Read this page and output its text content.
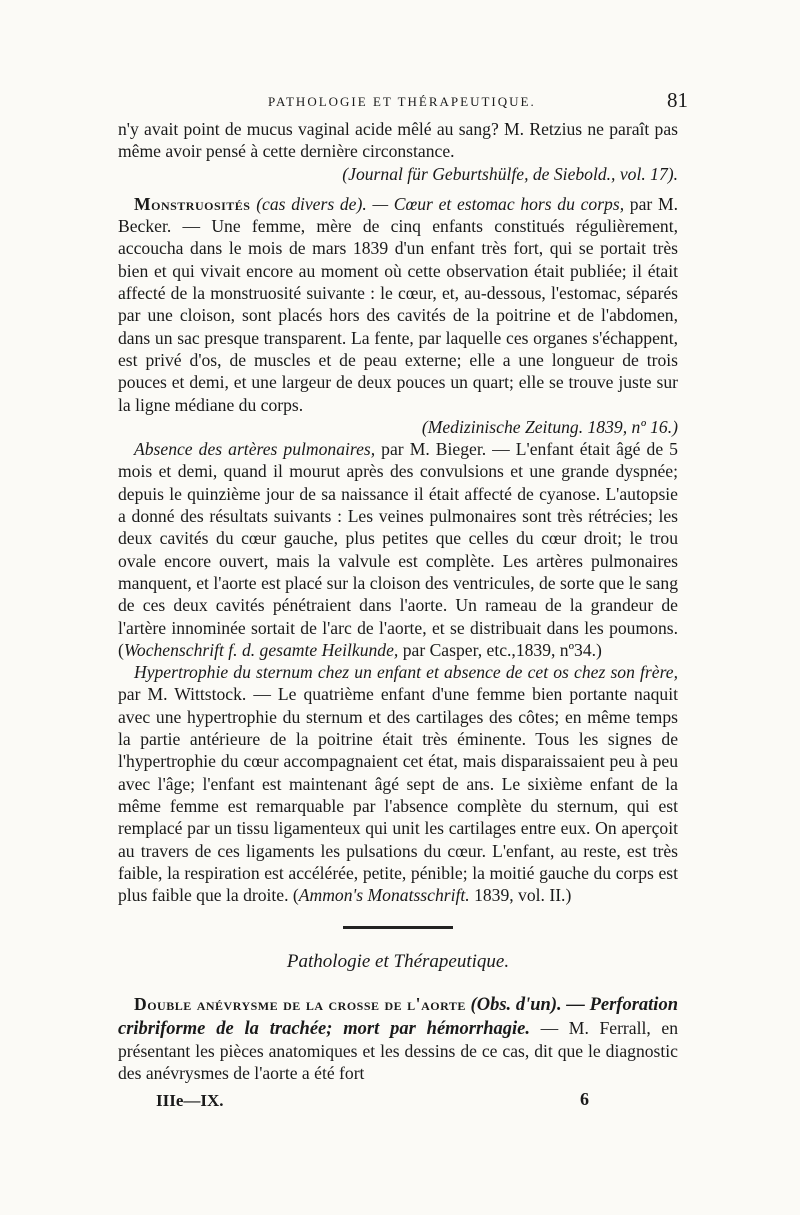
PATHOLOGIE ET THÉRAPEUTIQUE.	81

n'y avait point de mucus vaginal acide mêlé au sang? M. Retzius ne paraît pas même avoir pensé à cette dernière circonstance.

(Journal für Geburtshülfe, de Siebold., vol. 17).

Monstruosités (cas divers de). — Cœur et estomac hors du corps, par M. Becker. — Une femme, mère de cinq enfants constitués régulièrement, accoucha dans le mois de mars 1839 d'un enfant très fort, qui se portait très bien et qui vivait encore au moment où cette observation était publiée; il était affecté de la monstruosité suivante : le cœur, et, au-dessous, l'estomac, séparés par une cloison, sont placés hors des cavités de la poitrine et de l'abdomen, dans un sac presque transparent. La fente, par laquelle ces organes s'échappent, est privé d'os, de muscles et de peau externe; elle a une longueur de trois pouces et demi, et une largeur de deux pouces un quart; elle se trouve juste sur la ligne médiane du corps.

(Medizinische Zeitung. 1839, nº 16.)

Absence des artères pulmonaires, par M. Bieger. — L'enfant était âgé de 5 mois et demi, quand il mourut après des convulsions et une grande dyspnée; depuis le quinzième jour de sa naissance il était affecté de cyanose. L'autopsie a donné des résultats suivants : Les veines pulmonaires sont très rétrécies; les deux cavités du cœur gauche, plus petites que celles du cœur droit; le trou ovale encore ouvert, mais la valvule est complète. Les artères pulmonaires manquent, et l'aorte est placé sur la cloison des ventricules, de sorte que le sang de ces deux cavités pénétraient dans l'aorte. Un rameau de la grandeur de l'artère innominée sortait de l'arc de l'aorte, et se distribuait dans les poumons. (Wochenschrift f. d. gesamte Heilkunde, par Casper, etc.,1839, nº34.)

Hypertrophie du sternum chez un enfant et absence de cet os chez son frère, par M. Wittstock. — Le quatrième enfant d'une femme bien portante naquit avec une hypertrophie du sternum et des cartilages des côtes; en même temps la partie antérieure de la poitrine était très éminente. Tous les signes de l'hypertrophie du cœur accompagnaient cet état, mais disparaissaient peu à peu avec l'âge; l'enfant est maintenant âgé sept de ans. Le sixième enfant de la même femme est remarquable par l'absence complète du sternum, qui est remplacé par un tissu ligamenteux qui unit les cartilages entre eux. On aperçoit au travers de ces ligaments les pulsations du cœur. L'enfant, au reste, est très faible, la respiration est accélérée, petite, pénible; la moitié gauche du corps est plus faible que la droite. (Ammon's Monatsschrift. 1839, vol. II.)

Pathologie et Thérapeutique.

Double anévrysme de la crosse de l'aorte (Obs. d'un). — Perforation cribriforme de la trachée; mort par hémorrhagie. — M. Ferrall, en présentant les pièces anatomiques et les dessins de ce cas, dit que le diagnostic des anévrysmes de l'aorte a été fort

IIIe—IX.	6
